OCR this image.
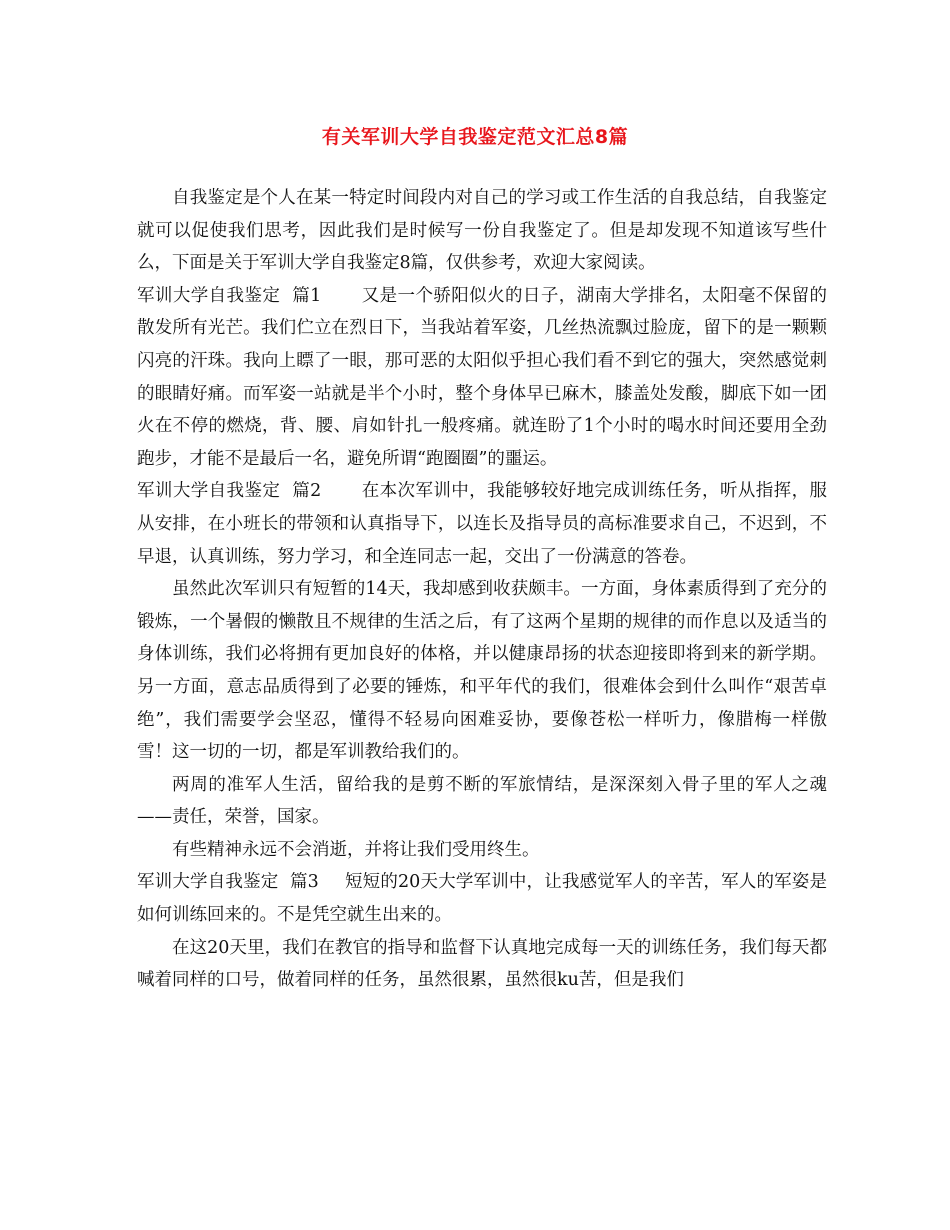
有关军训大学自我鉴定范文汇总8篇

自我鉴定是个人在某一特定时间段内对自己的学习或工作生活的自我总结，自我鉴定就可以促使我们思考，因此我们是时候写一份自我鉴定了。但是却发现不知道该写些什么，下面是关于军训大学自我鉴定8篇，仅供参考，欢迎大家阅读。

军训大学自我鉴定  篇1 又是一个骄阳似火的日子，湖南大学排名，太阳毫不保留的散发所有光芒。我们伫立在烈日下，当我站着军姿，几丝热流飘过脸庞，留下的是一颗颗闪亮的汗珠。我向上瞟了一眼，那可恶的太阳似乎担心我们看不到它的强大，突然感觉刺的眼睛好痛。而军姿一站就是半个小时，整个身体早已麻木，膝盖处发酸，脚底下如一团火在不停的燃烧，背、腰、肩如针扎一般疼痛。就连盼了1个小时的喝水时间还要用全劲跑步，才能不是最后一名，避免所谓“跑圈圈”的噩运。

军训大学自我鉴定  篇2 在本次军训中，我能够较好地完成训练任务，听从指挥，服从安排，在小班长的带领和认真指导下，以连长及指导员的高标准要求自己，不迟到，不早退，认真训练，努力学习，和全连同志一起，交出了一份满意的答卷。

虽然此次军训只有短暂的14天，我却感到收获颇丰。一方面，身体素质得到了充分的锻炼，一个暑假的懒散且不规律的生活之后，有了这两个星期的规律的而作息以及适当的身体训练，我们必将拥有更加良好的体格，并以健康昂扬的状态迎接即将到来的新学期。另一方面，意志品质得到了必要的锤炼，和平年代的我们，很难体会到什么叫作“艰苦卓绝”，我们需要学会坚忍，懂得不轻易向困难妥协，要像苍松一样听力，像腊梅一样傲雪！这一切的一切，都是军训教给我们的。

两周的准军人生活，留给我的是剪不断的军旅情结，是深深刻入骨子里的军人之魂——责任，荣誉，国家。

有些精神永远不会消逝，并将让我们受用终生。

军训大学自我鉴定  篇3 短短的20天大学军训中，让我感觉军人的辛苦，军人的军姿是如何训练回来的。不是凭空就生出来的。

在这20天里，我们在教官的指导和监督下认真地完成每一天的训练任务，我们每天都喊着同样的口号，做着同样的任务，虽然很累，虽然很ku苦，但是我们
